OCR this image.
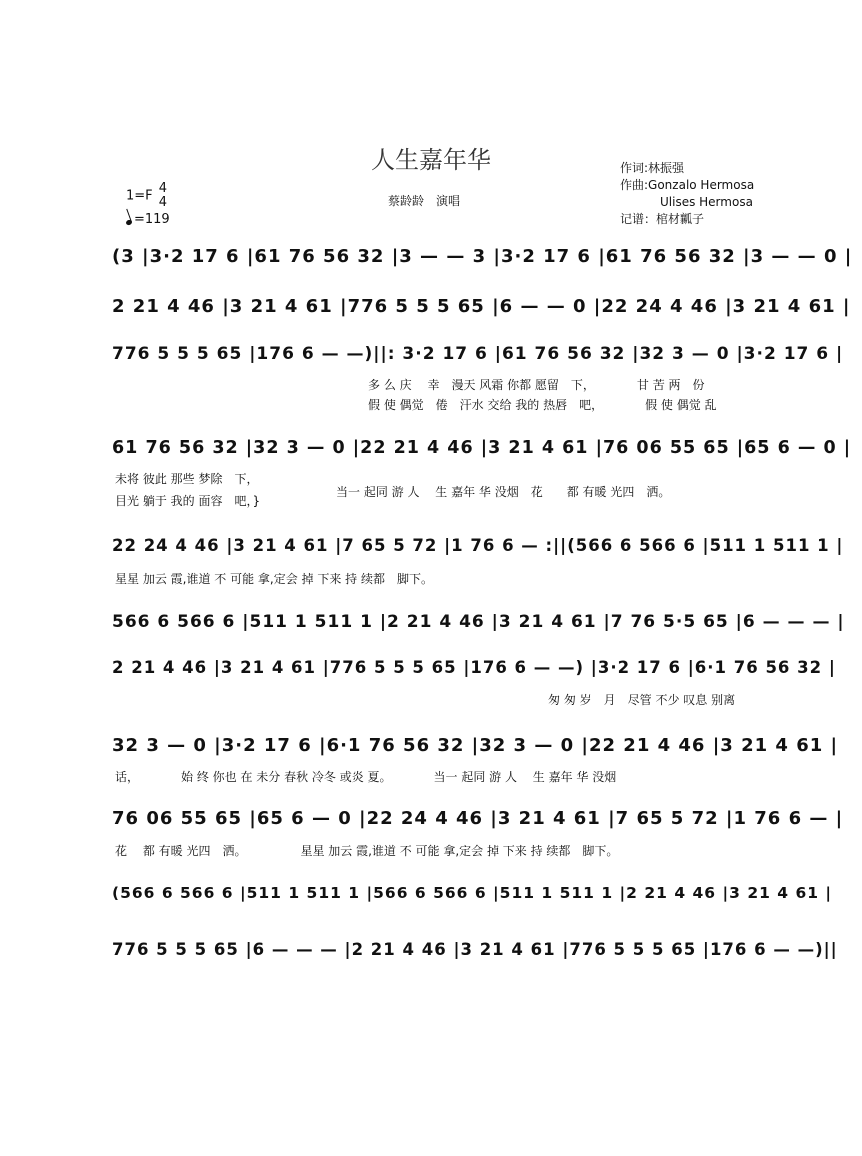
人生嘉年华	作词:林振强
作曲:Gonzalo Hermosa
Ulises Hermosa
记谱：棺材瓤子
蔡龄龄　演唱
1=F 4
4
=119
(3 |3·2 17 6 |61 76 56 32 |3 — — 3 |3·2 17 6 |61 76 56 32 |3 — — 0 |
2 21 4 46 |3 21 4 61 |776 5 5 5 65 |6 — — 0 |22 24 4 46 |3 21 4 61 |
776 5 5 5 65 |176 6 — —)||: 3·2 17 6 |61 76 56 32 |32 3 — 0 |3·2 17 6 |
多 么 庆　 幸　漫天 风霜 你都 愿留　下，　　　　甘 苦 两　份
假 使 偶觉　倦　汗水 交给 我的 热唇　吧，　　　　假 使 偶觉 乱
61 76 56 32 |32 3 — 0 |22 21 4 46 |3 21 4 61 |76 06 55 65 |65 6 — 0 |
未将 彼此 那些 梦除　下，
目光 躺于 我的 面容　吧，}
当一 起同 游 人　 生 嘉年 华 没烟　花　　都 有暖 光四　洒。
22 24 4 46 |3 21 4 61 |7 65 5 72 |1 76 6 — :||(566 6 566 6 |511 1 511 1 |
星星 加云 霞,谁道 不 可能 拿,定会 掉 下来 持 续都　脚下。
566 6 566 6 |511 1 511 1 |2 21 4 46 |3 21 4 61 |7 76 5·5 65 |6 — — — |
2 21 4 46 |3 21 4 61 |776 5 5 5 65 |176 6 — —) |3·2 17 6 |6·1 76 56 32 |
匆 匆 岁　月　尽管 不少 叹息 别离
32 3 — 0 |3·2 17 6 |6·1 76 56 32 |32 3 — 0 |22 21 4 46 |3 21 4 61 |
话，　　　　始 终 你也 在 未分 春秋 冷冬 或炎 夏。　　　　当一 起同 游 人　 生 嘉年 华 没烟
76 06 55 65 |65 6 — 0 |22 24 4 46 |3 21 4 61 |7 65 5 72 |1 76 6 — |
花　 都 有暖 光四　洒。　　　　　星星 加云 霞,谁道 不 可能 拿,定会 掉 下来 持 续都　脚下。
(566 6 566 6 |511 1 511 1 |566 6 566 6 |511 1 511 1 |2 21 4 46 |3 21 4 61 |
776 5 5 5 65 |6 — — — |2 21 4 46 |3 21 4 61 |776 5 5 5 65 |176 6 — —)||
